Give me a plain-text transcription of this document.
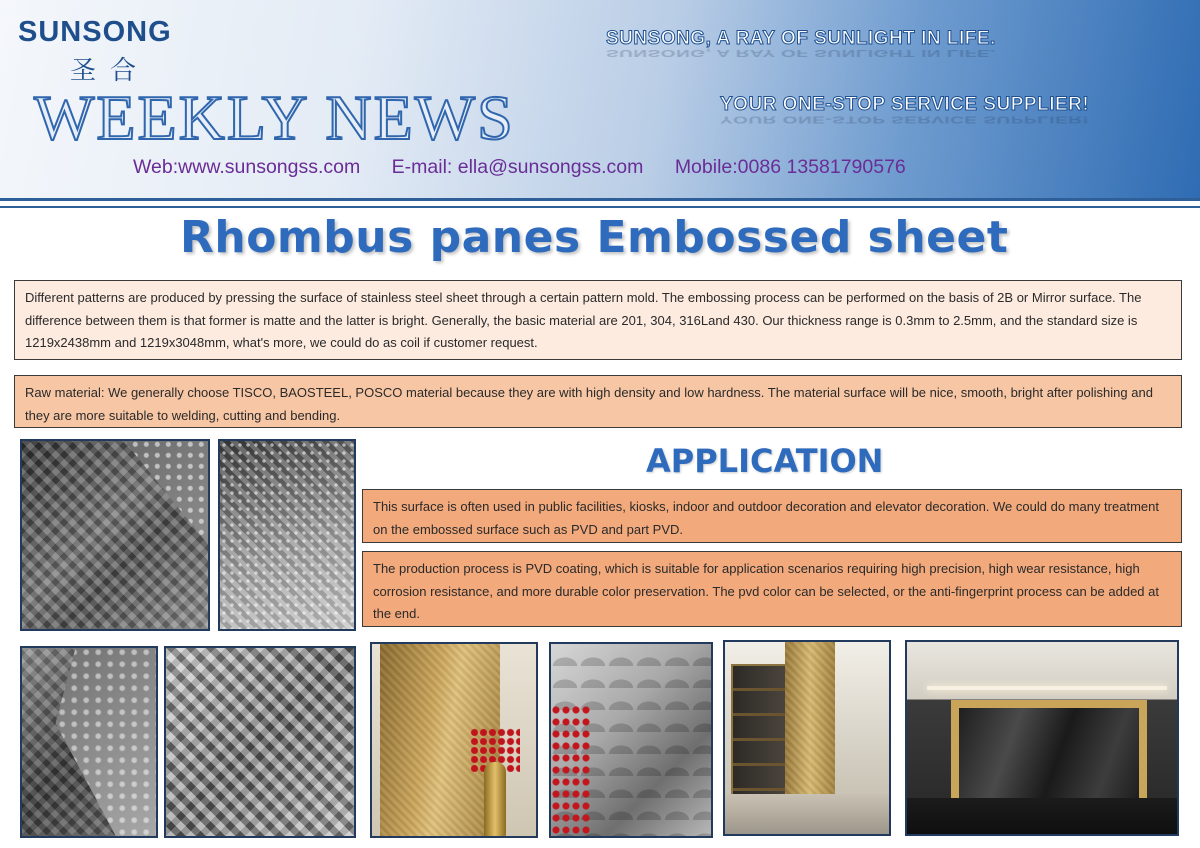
SUNSONG
圣合
WEEKLY NEWS
SUNSONG, A RAY OF SUNLIGHT IN LIFE.
SUNSONG, A RAY OF SUNLIGHT IN LIFE.
YOUR ONE-STOP SERVICE SUPPLIER!
YOUR ONE-STOP SERVICE SUPPLIER!
Web:www.sunsongss.com E-mail: ella@sunsongss.com Mobile:0086 13581790576
Rhombus panes Embossed sheet
Different patterns are produced by pressing the surface of stainless steel sheet through a certain pattern mold. The embossing process can be performed on the basis of 2B or Mirror surface. The difference between them is that former is matte and the latter is bright. Generally, the basic material are 201, 304, 316Land 430. Our thickness range is 0.3mm to 2.5mm, and the standard size is 1219x2438mm and 1219x3048mm, what's more, we could do as coil if customer request.
Raw material: We generally choose TISCO, BAOSTEEL, POSCO material because they are with high density and low hardness. The material surface will be nice, smooth, bright after polishing and they are more suitable to welding, cutting and bending.
APPLICATION
This surface is often used in public facilities, kiosks, indoor and outdoor decoration and elevator decoration. We could do many treatment on the embossed surface such as PVD and part PVD.
The production process is PVD coating, which is suitable for application scenarios requiring high precision, high wear resistance, high corrosion resistance, and more durable color preservation. The pvd color can be selected, or the anti-fingerprint process can be added at the end.
